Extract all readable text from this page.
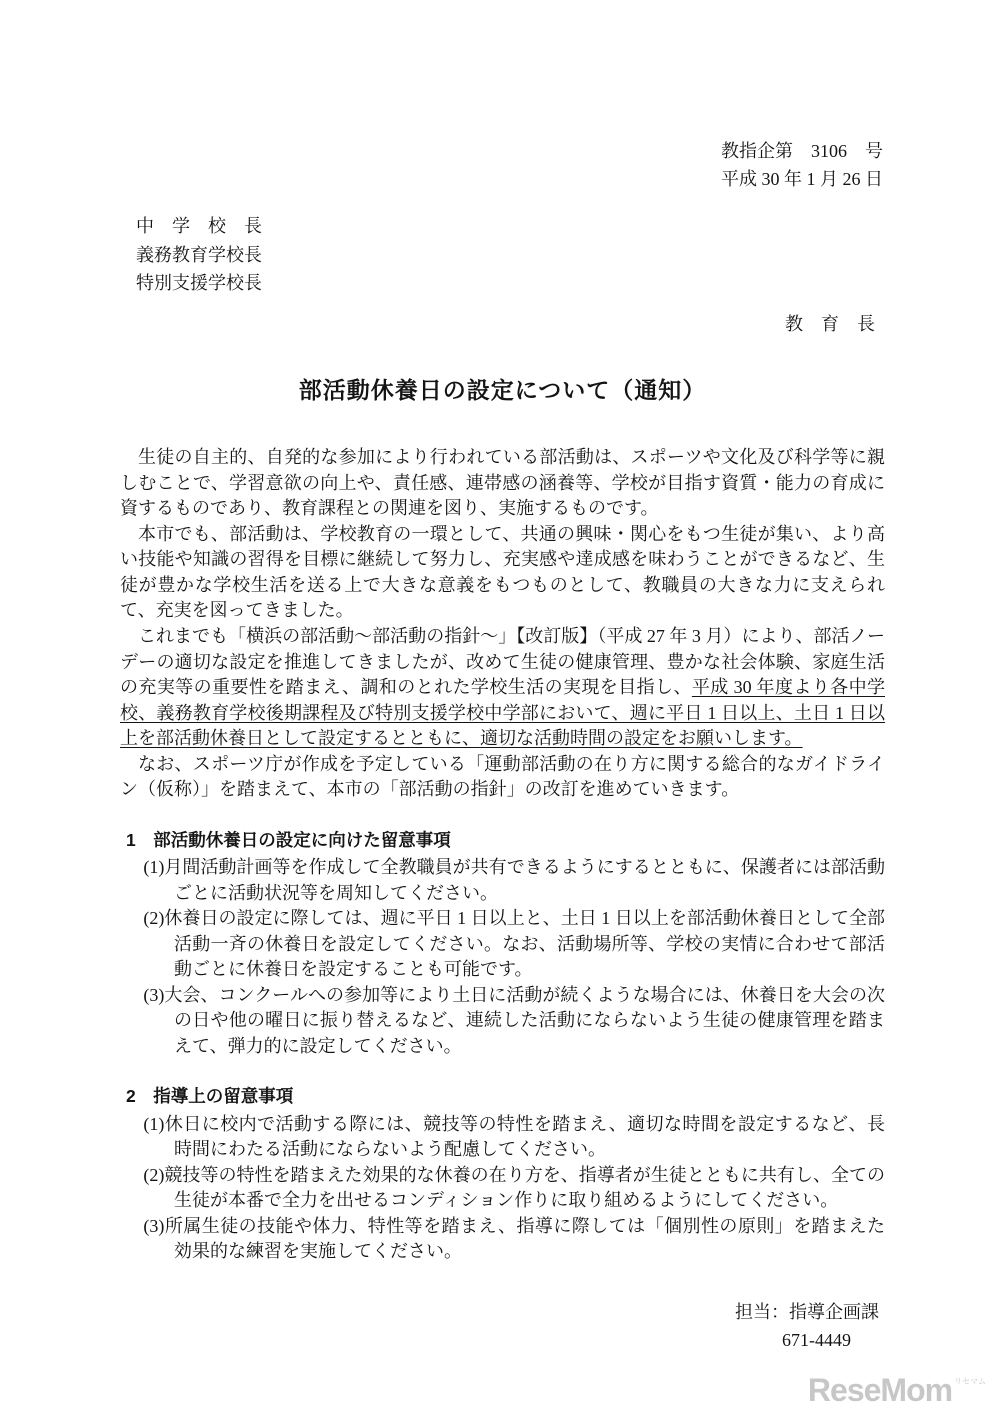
教指企第　3106　号
平成 30 年 1 月 26 日
中　学　校　長
義務教育学校長
特別支援学校長
教　育　長
部活動休養日の設定について（通知）

生徒の自主的、自発的な参加により行われている部活動は、スポーツや文化及び科学等に親しむことで、学習意欲の向上や、責任感、連帯感の涵養等、学校が目指す資質・能力の育成に資するものであり、教育課程との関連を図り、実施するものです。

本市でも、部活動は、学校教育の一環として、共通の興味・関心をもつ生徒が集い、より高い技能や知識の習得を目標に継続して努力し、充実感や達成感を味わうことができるなど、生徒が豊かな学校生活を送る上で大きな意義をもつものとして、教職員の大きな力に支えられて、充実を図ってきました。

これまでも「横浜の部活動～部活動の指針～」【改訂版】（平成 27 年 3 月）により、部活ノーデーの適切な設定を推進してきましたが、改めて生徒の健康管理、豊かな社会体験、家庭生活の充実等の重要性を踏まえ、調和のとれた学校生活の実現を目指し、平成 30 年度より各中学校、義務教育学校後期課程及び特別支援学校中学部において、週に平日 1 日以上、土日 1 日以上を部活動休養日として設定するとともに、適切な活動時間の設定をお願いします。

なお、スポーツ庁が作成を予定している「運動部活動の在り方に関する総合的なガイドライン（仮称）」を踏まえて、本市の「部活動の指針」の改訂を進めていきます。

1　部活動休養日の設定に向けた留意事項
(1)月間活動計画等を作成して全教職員が共有できるようにするとともに、保護者には部活動ごとに活動状況等を周知してください。
(2)休養日の設定に際しては、週に平日 1 日以上と、土日 1 日以上を部活動休養日として全部活動一斉の休養日を設定してください。なお、活動場所等、学校の実情に合わせて部活動ごとに休養日を設定することも可能です。
(3)大会、コンクールへの参加等により土日に活動が続くような場合には、休養日を大会の次の日や他の曜日に振り替えるなど、連続した活動にならないよう生徒の健康管理を踏まえて、弾力的に設定してください。
2　指導上の留意事項
(1)休日に校内で活動する際には、競技等の特性を踏まえ、適切な時間を設定するなど、長時間にわたる活動にならないよう配慮してください。
(2)競技等の特性を踏まえた効果的な休養の在り方を、指導者が生徒とともに共有し、全ての生徒が本番で全力を出せるコンディション作りに取り組めるようにしてください。
(3)所属生徒の技能や体力、特性等を踏まえ、指導に際しては「個別性の原則」を踏まえた効果的な練習を実施してください。
担当：指導企画課
671-4449
ReseMom リセマム
